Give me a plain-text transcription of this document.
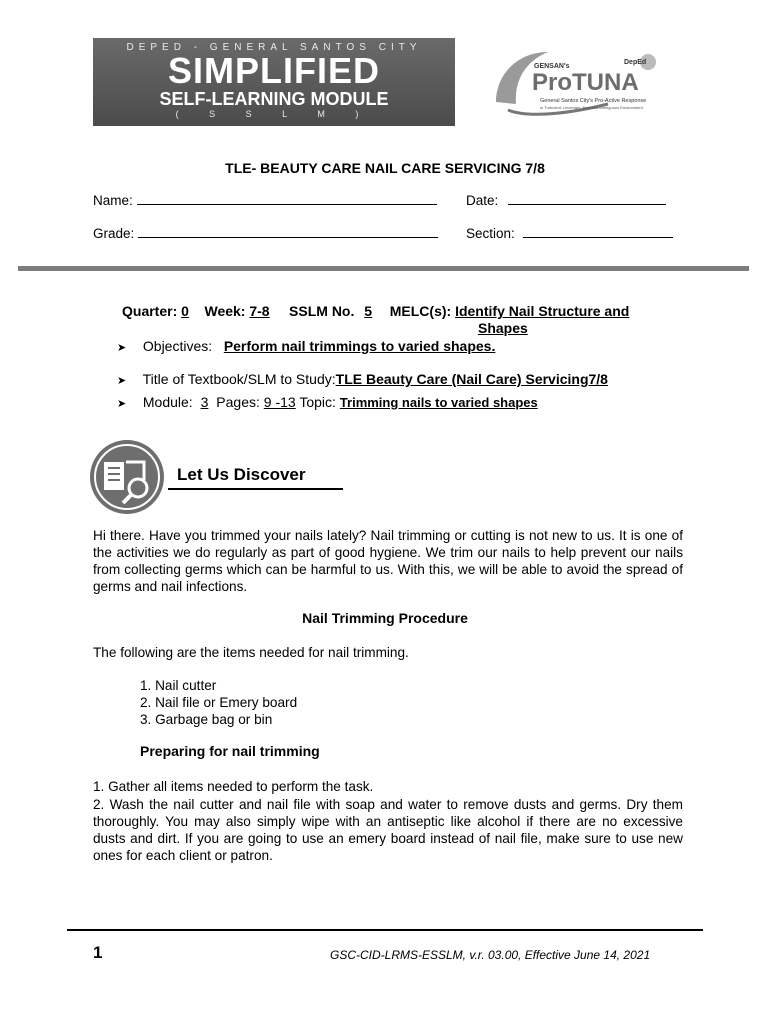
DEPED - GENERAL SANTOS CITY
SIMPLIFIED
SELF-LEARNING MODULE
( S S L M )
GENSAN's
DepEd
ProTUNA
General Santos City's Pro-Active Response
in Turbulent, Uncertain, New and Ambiguous Environment
TLE- BEAUTY CARE NAIL CARE SERVICING 7/8
Name:	Date:
Grade:	Section:
Quarter: 0 Week: 7-8 SSLM No. 5 MELC(s): Identify Nail Structure and
Shapes
➤ Objectives: Perform nail trimmings to varied shapes.
➤ Title of Textbook/SLM to Study:TLE Beauty Care (Nail Care) Servicing7/8
➤ Module: 3 Pages: 9 -13 Topic: Trimming nails to varied shapes
Let Us Discover
Hi there. Have you trimmed your nails lately? Nail trimming or cutting is not new to us. It is one of the activities we do regularly as part of good hygiene. We trim our nails to help prevent our nails from collecting germs which can be harmful to us. With this, we will be able to avoid the spread of germs and nail infections.
Nail Trimming Procedure
The following are the items needed for nail trimming.
1. Nail cutter
2. Nail file or Emery board
3. Garbage bag or bin
Preparing for nail trimming
1. Gather all items needed to perform the task.
2. Wash the nail cutter and nail file with soap and water to remove dusts and germs. Dry them thoroughly. You may also simply wipe with an antiseptic like alcohol if there are no excessive dusts and dirt. If you are going to use an emery board instead of nail file, make sure to use new ones for each client or patron.
1	GSC-CID-LRMS-ESSLM, v.r. 03.00, Effective June 14, 2021
